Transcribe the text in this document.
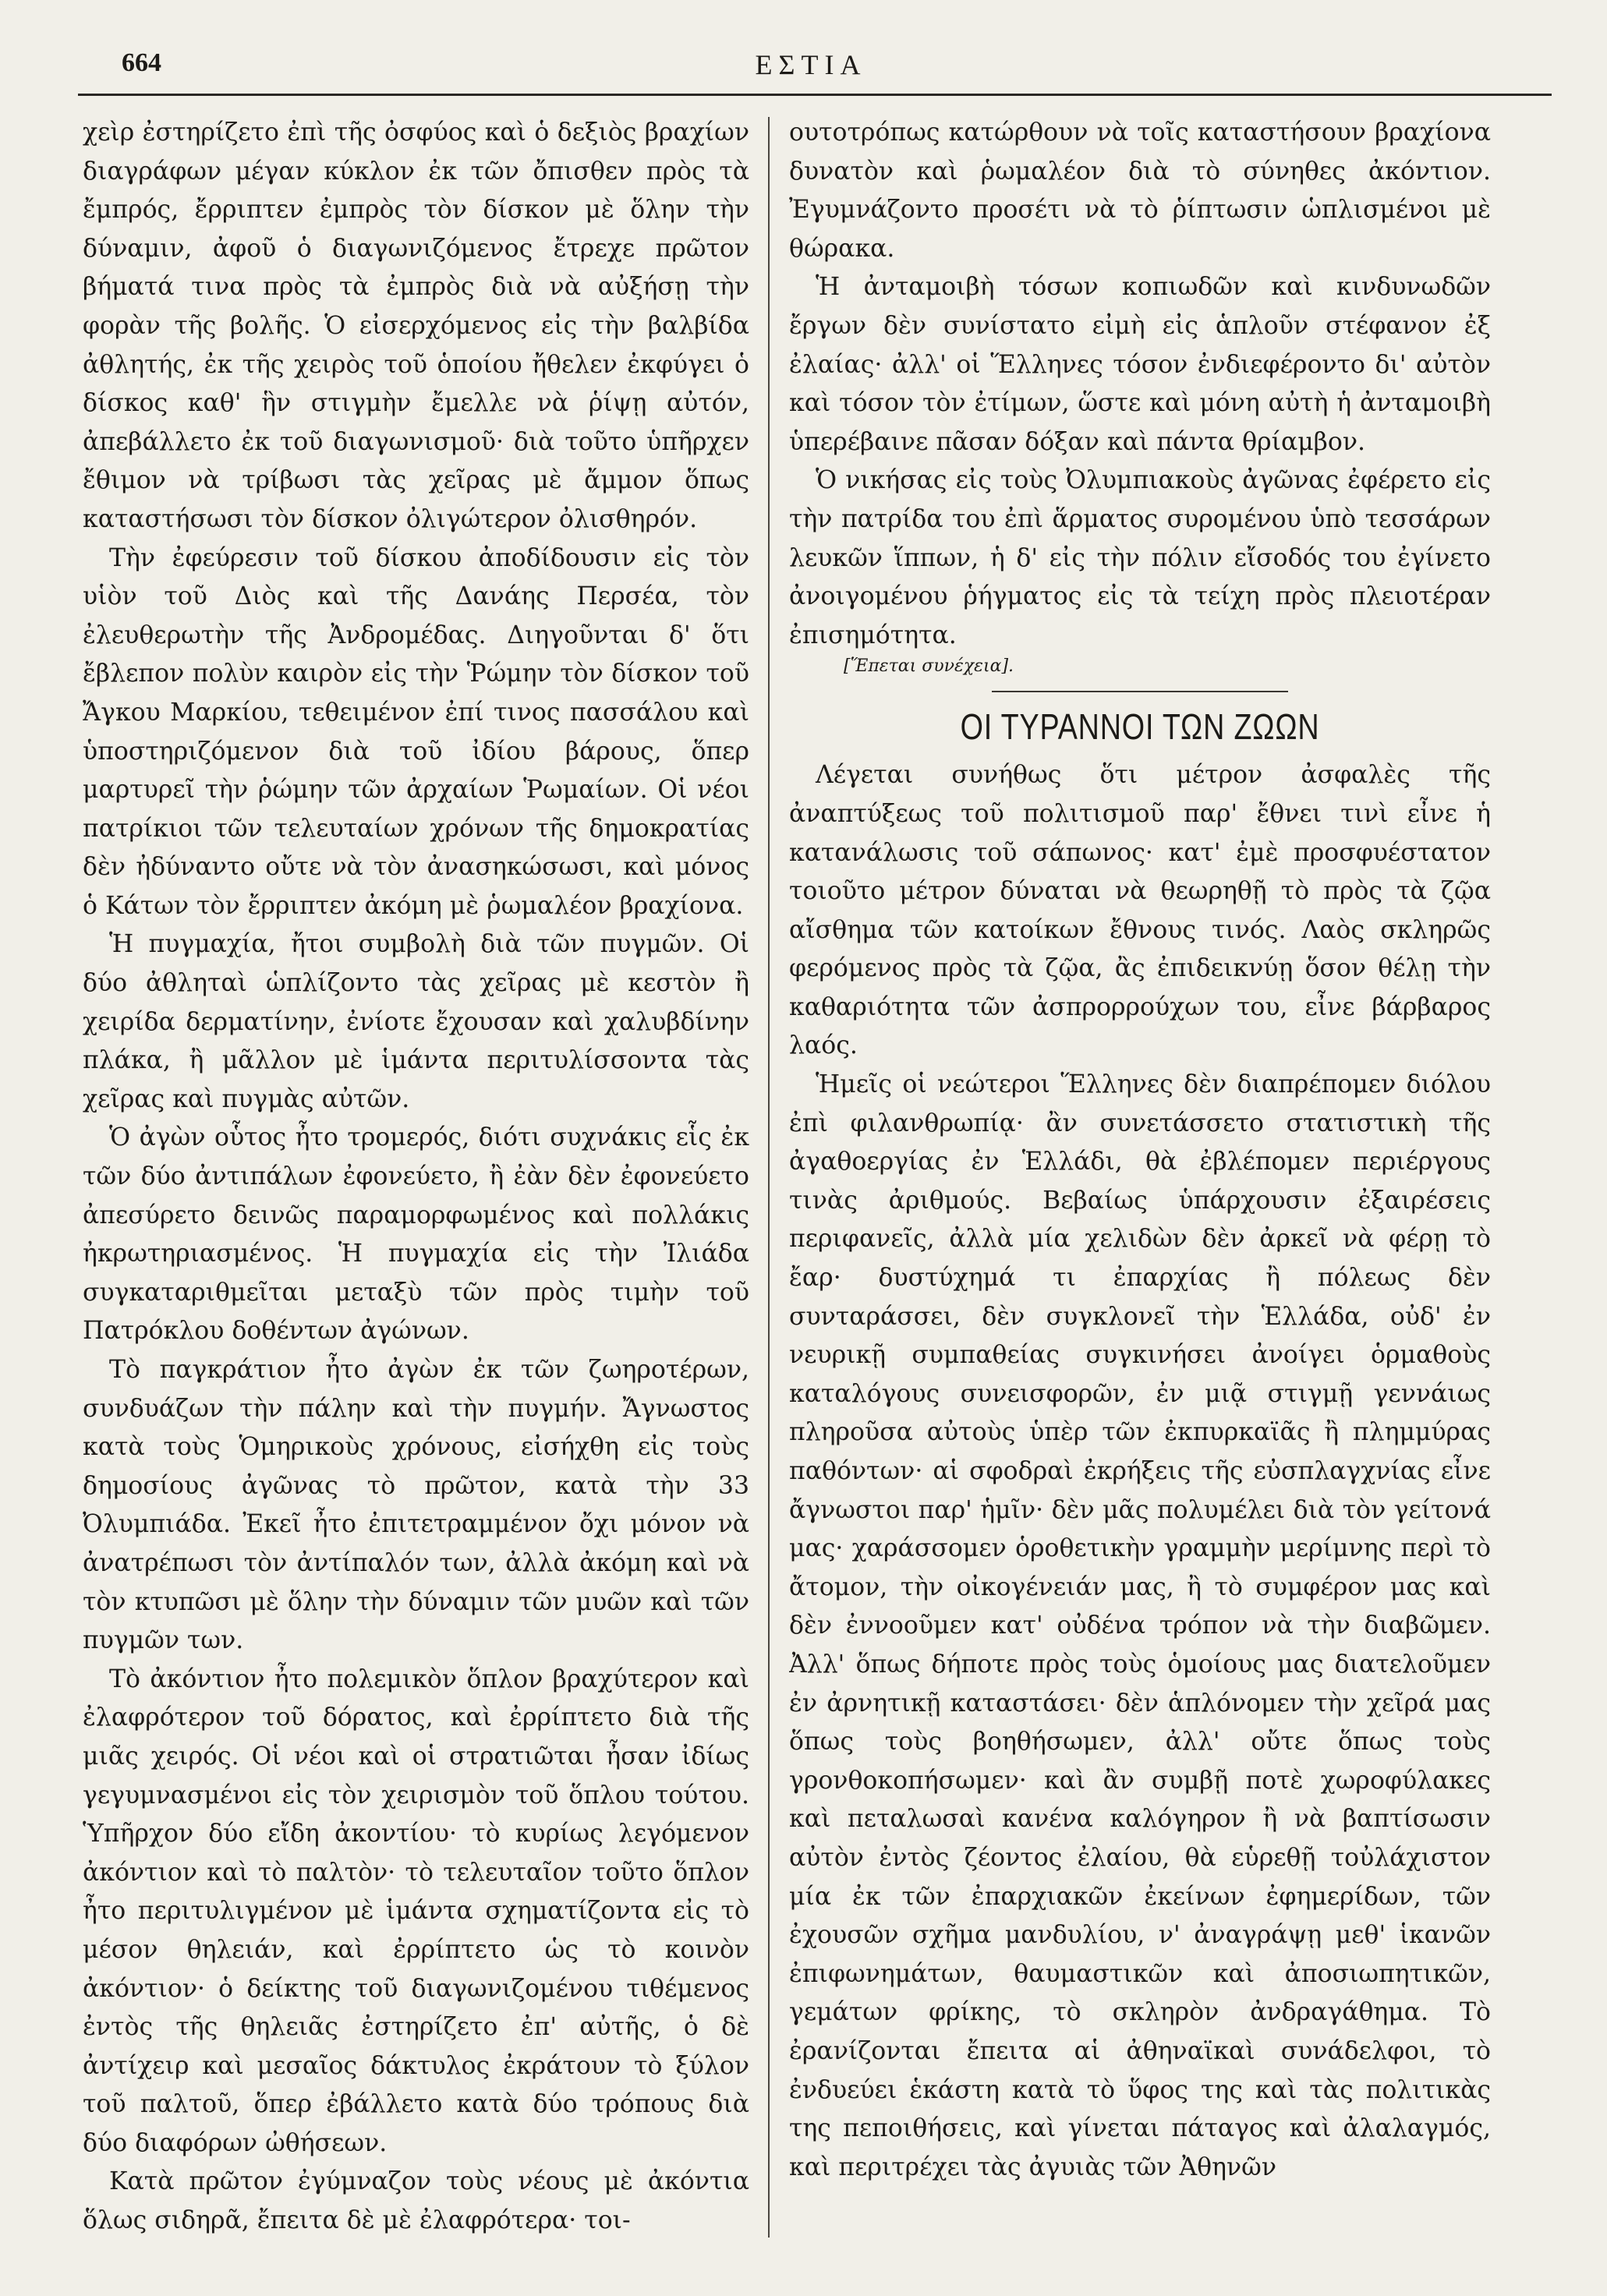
664	ΕΣΤΙΑ

χεὶρ ἐστηρίζετο ἐπὶ τῆς ὀσφύος καὶ ὁ δεξιὸς βραχίων διαγράφων μέγαν κύκλον ἐκ τῶν ὄπισθεν πρὸς τὰ ἔμπρός, ἔρριπτεν ἐμπρὸς τὸν δίσκον μὲ ὅλην τὴν δύναμιν, ἀφοῦ ὁ διαγωνιζόμενος ἔτρεχε πρῶτον βήματά τινα πρὸς τὰ ἐμπρὸς διὰ νὰ αὐξήσῃ τὴν φορὰν τῆς βολῆς. Ὁ εἰσερχόμενος εἰς τὴν βαλβίδα ἀθλητής, ἐκ τῆς χειρὸς τοῦ ὁποίου ἤθελεν ἐκφύγει ὁ δίσκος καθ' ἣν στιγμὴν ἔμελλε νὰ ῥίψῃ αὐτόν, ἀπεβάλλετο ἐκ τοῦ διαγωνισμοῦ· διὰ τοῦτο ὑπῆρχεν ἔθιμον νὰ τρίβωσι τὰς χεῖρας μὲ ἄμμον ὅπως καταστήσωσι τὸν δίσκον ὀλιγώτερον ὀλισθηρόν.

Τὴν ἐφεύρεσιν τοῦ δίσκου ἀποδίδουσιν εἰς τὸν υἱὸν τοῦ Διὸς καὶ τῆς Δανάης Περσέα, τὸν ἐλευθερωτὴν τῆς Ἀνδρομέδας. Διηγοῦνται δ' ὅτι ἔβλεπον πολὺν καιρὸν εἰς τὴν Ῥώμην τὸν δίσκον τοῦ Ἄγκου Μαρκίου, τεθειμένον ἐπί τινος πασσάλου καὶ ὑποστηριζόμενον διὰ τοῦ ἰδίου βάρους, ὅπερ μαρτυρεῖ τὴν ῥώμην τῶν ἀρχαίων Ῥωμαίων. Οἱ νέοι πατρίκιοι τῶν τελευταίων χρόνων τῆς δημοκρατίας δὲν ἠδύναντο οὔτε νὰ τὸν ἀνασηκώσωσι, καὶ μόνος ὁ Κάτων τὸν ἔρριπτεν ἀκόμη μὲ ῥωμαλέον βραχίονα.

Ἡ πυγμαχία, ἤτοι συμβολὴ διὰ τῶν πυγμῶν. Οἱ δύο ἀθληταὶ ὡπλίζοντο τὰς χεῖρας μὲ κεστὸν ἢ χειρίδα δερματίνην, ἐνίοτε ἔχουσαν καὶ χαλυβδίνην πλάκα, ἢ μᾶλλον μὲ ἱμάντα περιτυλίσσοντα τὰς χεῖρας καὶ πυγμὰς αὐτῶν.

Ὁ ἀγὼν οὗτος ἦτο τρομερός, διότι συχνάκις εἷς ἐκ τῶν δύο ἀντιπάλων ἐφονεύετο, ἢ ἐὰν δὲν ἐφονεύετο ἀπεσύρετο δεινῶς παραμορφωμένος καὶ πολλάκις ἠκρωτηριασμένος. Ἡ πυγμαχία εἰς τὴν Ἰλιάδα συγκαταριθμεῖται μεταξὺ τῶν πρὸς τιμὴν τοῦ Πατρόκλου δοθέντων ἀγώνων.

Τὸ παγκράτιον ἦτο ἀγὼν ἐκ τῶν ζωηροτέρων, συνδυάζων τὴν πάλην καὶ τὴν πυγμήν. Ἄγνωστος κατὰ τοὺς Ὁμηρικοὺς χρόνους, εἰσήχθη εἰς τοὺς δημοσίους ἀγῶνας τὸ πρῶτον, κατὰ τὴν 33 Ὀλυμπιάδα. Ἐκεῖ ἦτο ἐπιτετραμμένον ὄχι μόνον νὰ ἀνατρέπωσι τὸν ἀντίπαλόν των, ἀλλὰ ἀκόμη καὶ νὰ τὸν κτυπῶσι μὲ ὅλην τὴν δύναμιν τῶν μυῶν καὶ τῶν πυγμῶν των.

Τὸ ἀκόντιον ἦτο πολεμικὸν ὅπλον βραχύτερον καὶ ἐλαφρότερον τοῦ δόρατος, καὶ ἐρρίπτετο διὰ τῆς μιᾶς χειρός. Οἱ νέοι καὶ οἱ στρατιῶται ἦσαν ἰδίως γεγυμνασμένοι εἰς τὸν χειρισμὸν τοῦ ὅπλου τούτου. Ὑπῆρχον δύο εἴδη ἀκοντίου· τὸ κυρίως λεγόμενον ἀκόντιον καὶ τὸ παλτὸν· τὸ τελευταῖον τοῦτο ὅπλον ἦτο περιτυλιγμένον μὲ ἱμάντα σχηματίζοντα εἰς τὸ μέσον θηλειάν, καὶ ἐρρίπτετο ὡς τὸ κοινὸν ἀκόντιον· ὁ δείκτης τοῦ διαγωνιζομένου τιθέμενος ἐντὸς τῆς θηλειᾶς ἐστηρίζετο ἐπ' αὐτῆς, ὁ δὲ ἀντίχειρ καὶ μεσαῖος δάκτυλος ἐκράτουν τὸ ξύλον τοῦ παλτοῦ, ὅπερ ἐβάλλετο κατὰ δύο τρόπους διὰ δύο διαφόρων ὠθήσεων.

Κατὰ πρῶτον ἐγύμναζον τοὺς νέους μὲ ἀκόντια ὅλως σιδηρᾶ, ἔπειτα δὲ μὲ ἐλαφρότερα· τοι-

ουτοτρόπως κατώρθουν νὰ τοῖς καταστήσουν βραχίονα δυνατὸν καὶ ῥωμαλέον διὰ τὸ σύνηθες ἀκόντιον. Ἐγυμνάζοντο προσέτι νὰ τὸ ῥίπτωσιν ὡπλισμένοι μὲ θώρακα.

Ἡ ἀνταμοιβὴ τόσων κοπιωδῶν καὶ κινδυνωδῶν ἔργων δὲν συνίστατο εἰμὴ εἰς ἁπλοῦν στέφανον ἐξ ἐλαίας· ἀλλ' οἱ Ἕλληνες τόσον ἐνδιεφέροντο δι' αὐτὸν καὶ τόσον τὸν ἐτίμων, ὥστε καὶ μόνη αὐτὴ ἡ ἀνταμοιβὴ ὑπερέβαινε πᾶσαν δόξαν καὶ πάντα θρίαμβον.

Ὁ νικήσας εἰς τοὺς Ὀλυμπιακοὺς ἀγῶνας ἐφέρετο εἰς τὴν πατρίδα του ἐπὶ ἅρματος συρομένου ὑπὸ τεσσάρων λευκῶν ἵππων, ἡ δ' εἰς τὴν πόλιν εἴσοδός του ἐγίνετο ἀνοιγομένου ῥήγματος εἰς τὰ τείχη πρὸς πλειοτέραν ἐπισημότητα.

[Ἕπεται συνέχεια].

ΟΙ ΤΥΡΑΝΝΟΙ ΤΩΝ ΖΩΩΝ

Λέγεται συνήθως ὅτι μέτρον ἀσφαλὲς τῆς ἀναπτύξεως τοῦ πολιτισμοῦ παρ' ἔθνει τινὶ εἶνε ἡ κατανάλωσις τοῦ σάπωνος· κατ' ἐμὲ προσφυέστατον τοιοῦτο μέτρον δύναται νὰ θεωρηθῇ τὸ πρὸς τὰ ζῷα αἴσθημα τῶν κατοίκων ἔθνους τινός. Λαὸς σκληρῶς φερόμενος πρὸς τὰ ζῷα, ἂς ἐπιδεικνύῃ ὅσον θέλῃ τὴν καθαριότητα τῶν ἀσπρορρούχων του, εἶνε βάρβαρος λαός.

Ἡμεῖς οἱ νεώτεροι Ἕλληνες δὲν διαπρέπομεν διόλου ἐπὶ φιλανθρωπίᾳ· ἂν συνετάσσετο στατιστικὴ τῆς ἀγαθοεργίας ἐν Ἑλλάδι, θὰ ἐβλέπομεν περιέργους τινὰς ἀριθμούς. Βεβαίως ὑπάρχουσιν ἐξαιρέσεις περιφανεῖς, ἀλλὰ μία χελιδὼν δὲν ἀρκεῖ νὰ φέρῃ τὸ ἔαρ· δυστύχημά τι ἐπαρχίας ἢ πόλεως δὲν συνταράσσει, δὲν συγκλονεῖ τὴν Ἑλλάδα, οὐδ' ἐν νευρικῇ συμπαθείας συγκινήσει ἀνοίγει ὁρμαθοὺς καταλόγους συνεισφορῶν, ἐν μιᾷ στιγμῇ γεννάιως πληροῦσα αὐτοὺς ὑπὲρ τῶν ἐκπυρκαϊᾶς ἢ πλημμύρας παθόντων· αἱ σφοδραὶ ἐκρήξεις τῆς εὐσπλαγχνίας εἶνε ἄγνωστοι παρ' ἡμῖν· δὲν μᾶς πολυμέλει διὰ τὸν γείτονά μας· χαράσσομεν ὁροθετικὴν γραμμὴν μερίμνης περὶ τὸ ἄτομον, τὴν οἰκογένειάν μας, ἢ τὸ συμφέρον μας καὶ δὲν ἐννοοῦμεν κατ' οὐδένα τρόπον νὰ τὴν διαβῶμεν. Ἀλλ' ὅπως δήποτε πρὸς τοὺς ὁμοίους μας διατελοῦμεν ἐν ἀρνητικῇ καταστάσει· δὲν ἁπλόνομεν τὴν χεῖρά μας ὅπως τοὺς βοηθήσωμεν, ἀλλ' οὔτε ὅπως τοὺς γρονθοκοπήσωμεν· καὶ ἂν συμβῇ ποτὲ χωροφύλακες καὶ πεταλωσαὶ κανένα καλόγηρον ἢ νὰ βαπτίσωσιν αὐτὸν ἐντὸς ζέοντος ἐλαίου, θὰ εὑρεθῇ τοὐλάχιστον μία ἐκ τῶν ἐπαρχιακῶν ἐκείνων ἐφημερίδων, τῶν ἐχουσῶν σχῆμα μανδυλίου, ν' ἀναγράψῃ μεθ' ἱκανῶν ἐπιφωνημάτων, θαυμαστικῶν καὶ ἀποσιωπητικῶν, γεμάτων φρίκης, τὸ σκληρὸν ἀνδραγάθημα. Τὸ ἐρανίζονται ἔπειτα αἱ ἀθηναϊκαὶ συνάδελφοι, τὸ ἐνδυεύει ἑκάστη κατὰ τὸ ὕφος της καὶ τὰς πολιτικὰς της πεποιθήσεις, καὶ γίνεται πάταγος καὶ ἀλαλαγμός, καὶ περιτρέχει τὰς ἀγυιὰς τῶν Ἀθηνῶν
